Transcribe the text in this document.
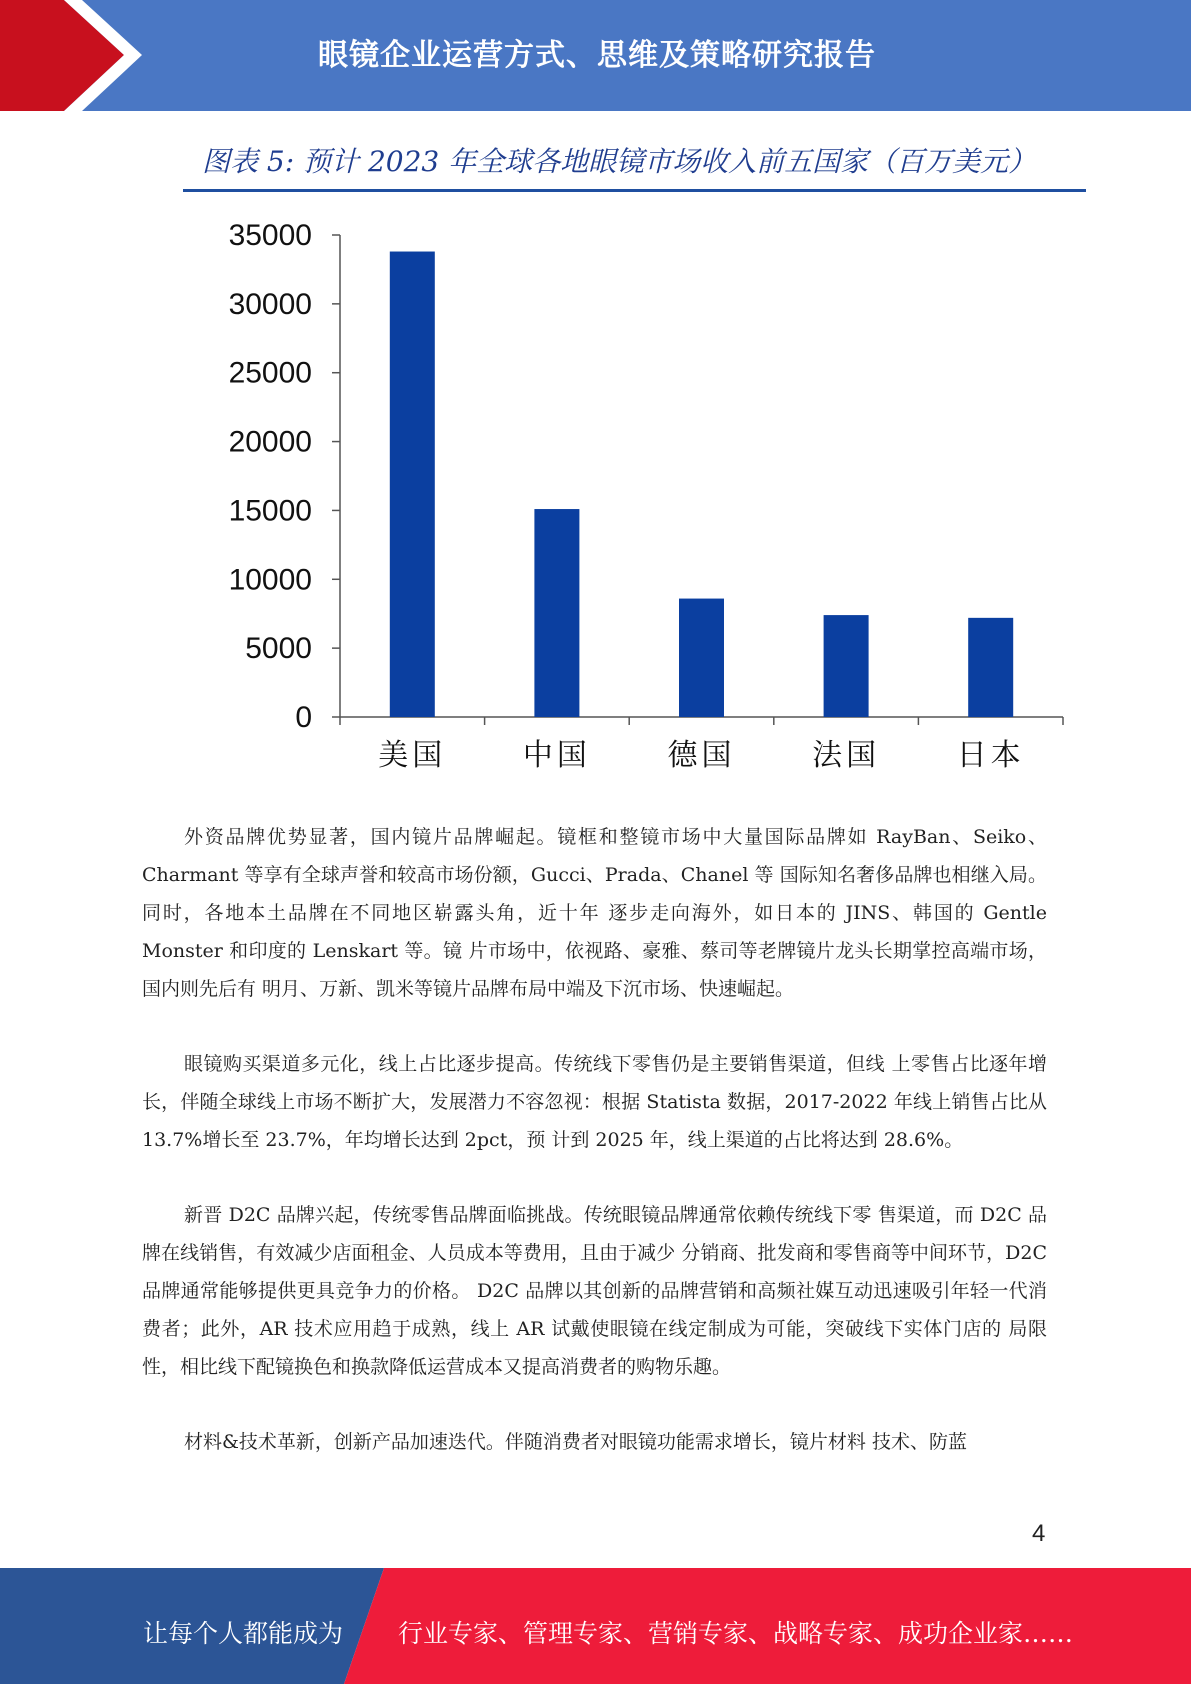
眼镜企业运营方式、思维及策略研究报告
图表 5: 预计 2023 年全球各地眼镜市场收入前五国家（百万美元）
35000
30000
25000
20000
15000
10000
5000
0
美国	中国	德国	法国	日本

外资品牌优势显著，国内镜片品牌崛起。镜框和整镜市场中大量国际品牌如 RayBan、Seiko、Charmant 等享有全球声誉和较高市场份额，Gucci、Prada、Chanel 等 国际知名奢侈品牌也相继入局。同时，各地本土品牌在不同地区崭露头角，近十年 逐步走向海外，如日本的 JINS、韩国的 Gentle Monster 和印度的 Lenskart 等。镜 片市场中，依视路、豪雅、蔡司等老牌镜片龙头长期掌控高端市场，国内则先后有 明月、万新、凯米等镜片品牌布局中端及下沉市场、快速崛起。

眼镜购买渠道多元化，线上占比逐步提高。传统线下零售仍是主要销售渠道，但线 上零售占比逐年增长，伴随全球线上市场不断扩大，发展潜力不容忽视：根据 Statista 数据，2017-2022 年线上销售占比从 13.7%增长至 23.7%，年均增长达到 2pct，预 计到 2025 年，线上渠道的占比将达到 28.6%。

新晋 D2C 品牌兴起，传统零售品牌面临挑战。传统眼镜品牌通常依赖传统线下零 售渠道，而 D2C 品牌在线销售，有效减少店面租金、人员成本等费用，且由于减少 分销商、批发商和零售商等中间环节，D2C 品牌通常能够提供更具竞争力的价格。 D2C 品牌以其创新的品牌营销和高频社媒互动迅速吸引年轻一代消费者；此外，AR 技术应用趋于成熟，线上 AR 试戴使眼镜在线定制成为可能，突破线下实体门店的 局限性，相比线下配镜换色和换款降低运营成本又提高消费者的购物乐趣。

材料&技术革新，创新产品加速迭代。伴随消费者对眼镜功能需求增长，镜片材料 技术、防蓝

4
让每个人都能成为 行业专家、管理专家、营销专家、战略专家、成功企业家……
